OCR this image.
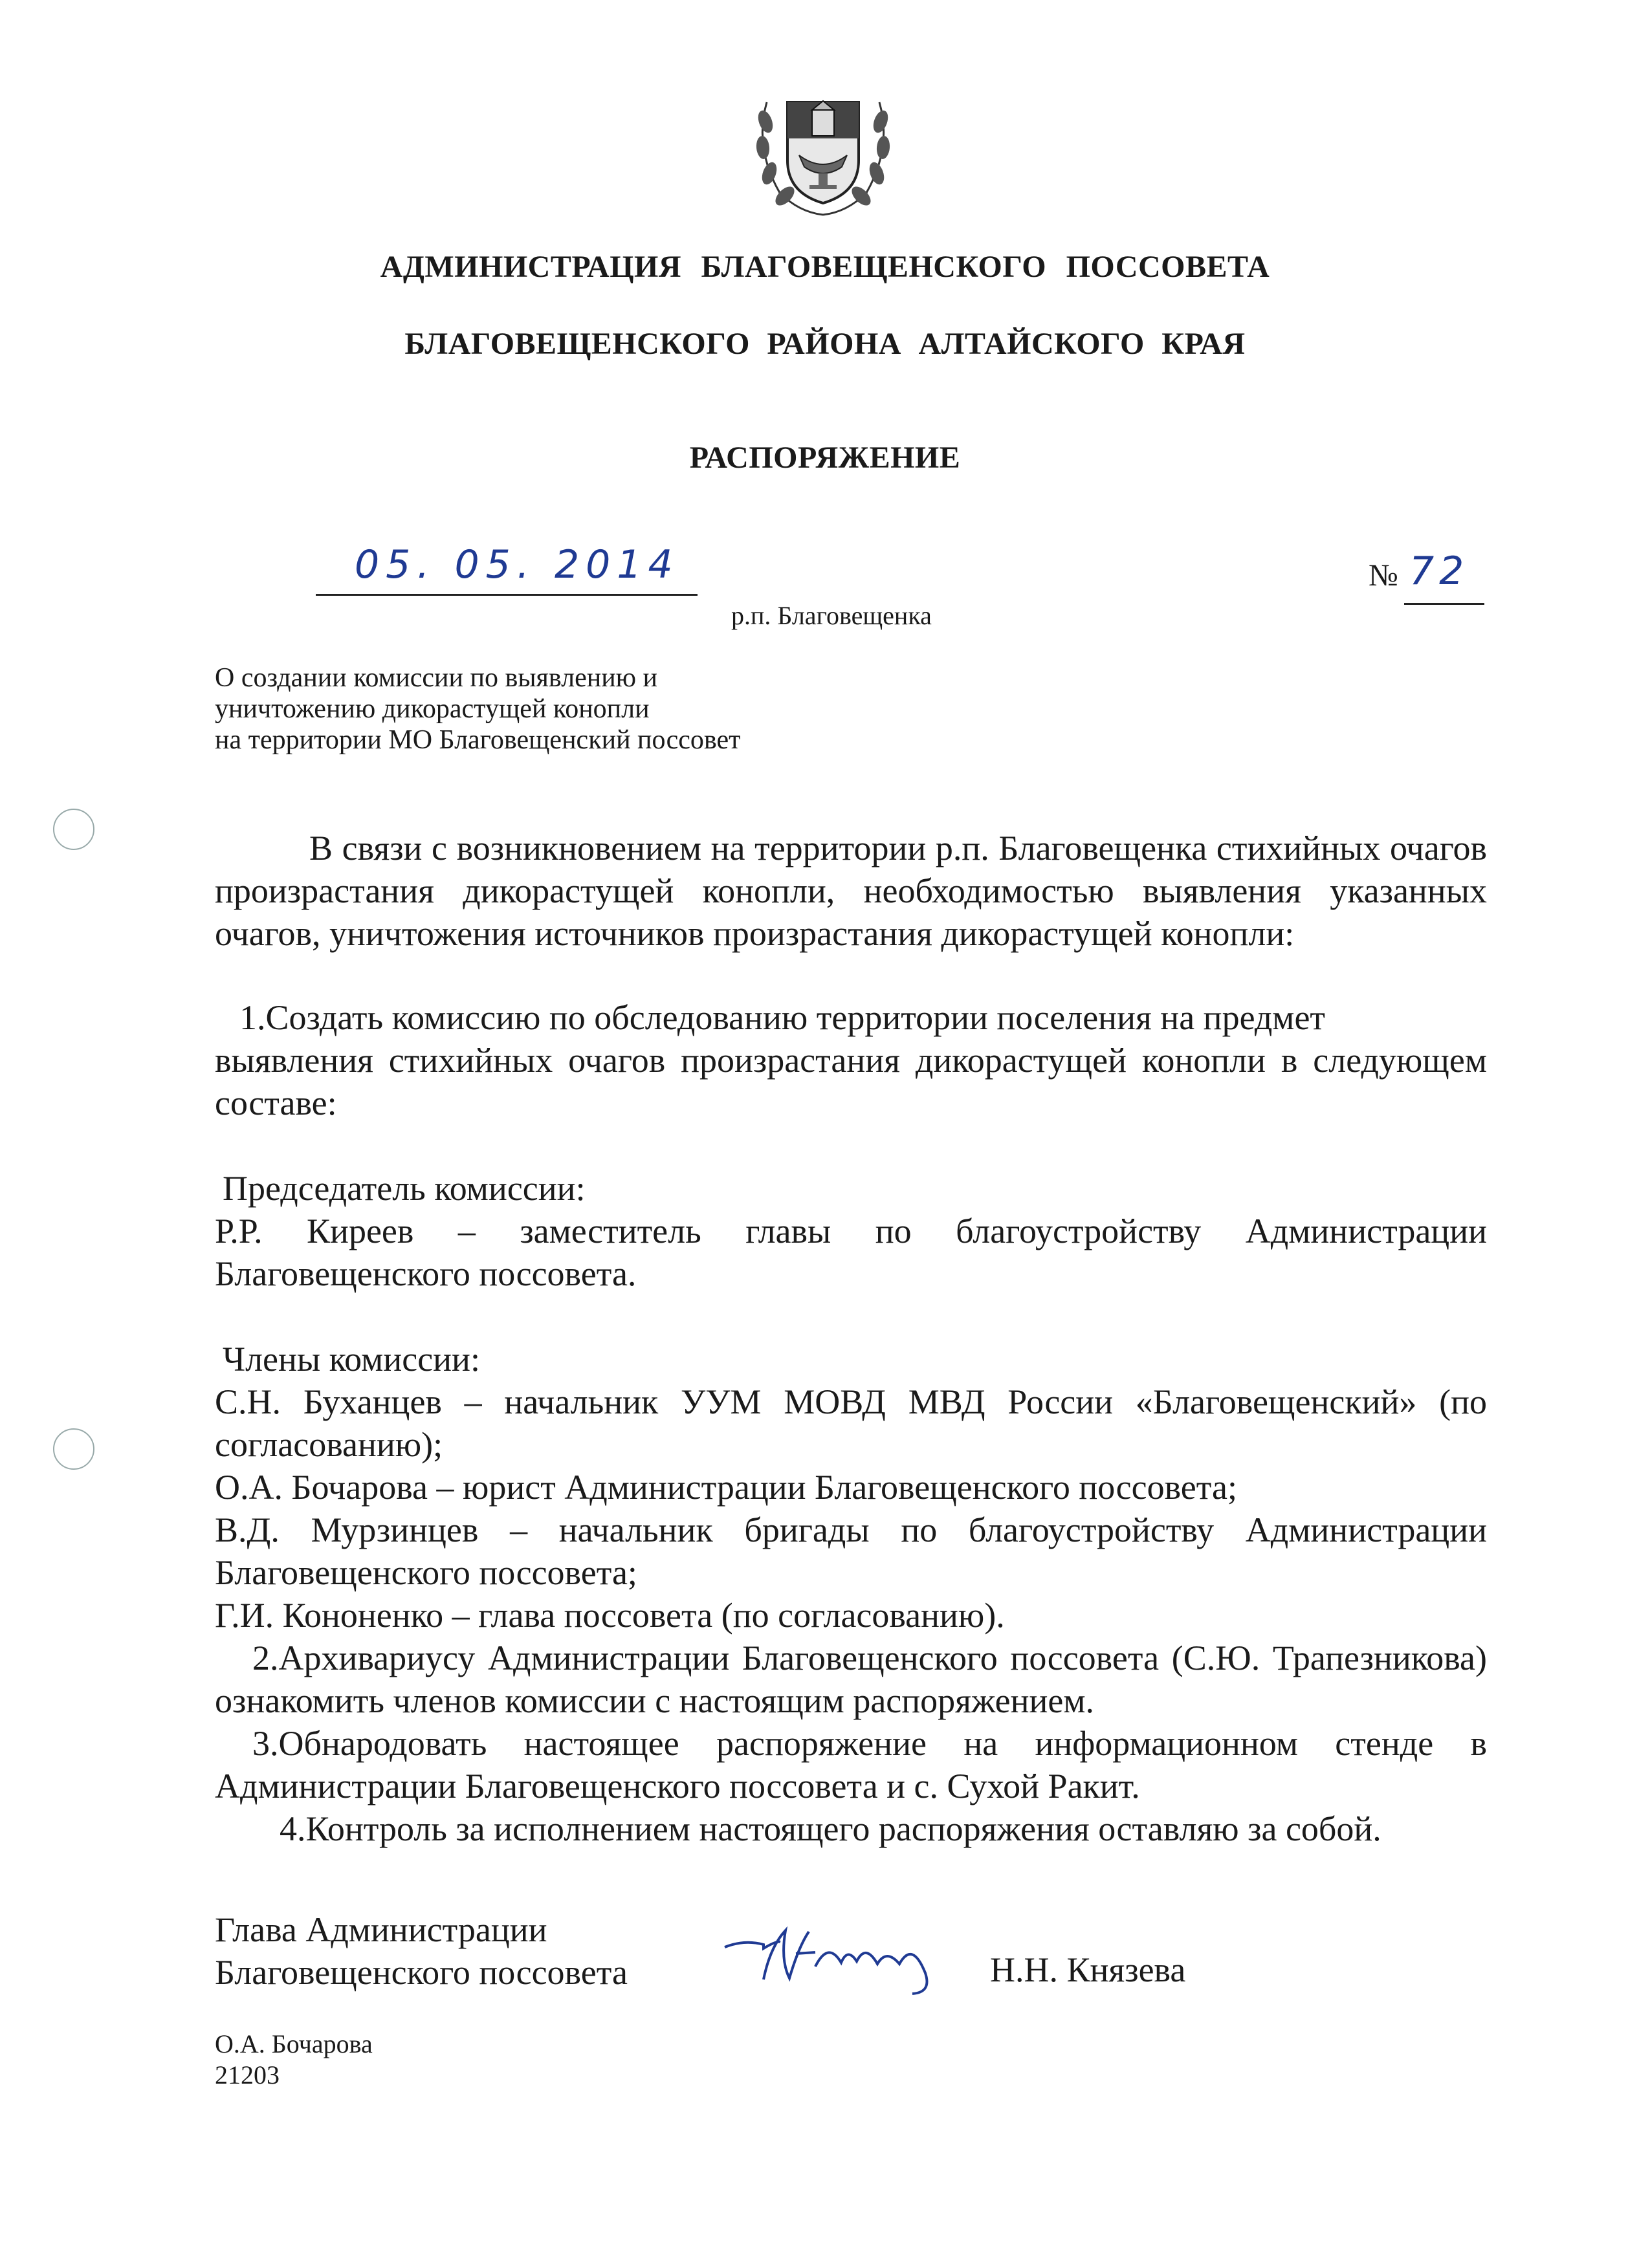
АДМИНИСТРАЦИЯ БЛАГОВЕЩЕНСКОГО ПОССОВЕТА
БЛАГОВЕЩЕНСКОГО РАЙОНА АЛТАЙСКОГО КРАЯ
РАСПОРЯЖЕНИЕ
05. 05. 2014	№ 72
р.п. Благовещенка
О создании комиссии по выявлению и
уничтожению дикорастущей конопли
на территории МО Благовещенский поссовет
В связи с возникновением на территории р.п. Благовещенка стихийных очагов произрастания дикорастущей конопли, необходимостью выявления указанных очагов, уничтожения источников произрастания дикорастущей конопли:
1.Создать комиссию по обследованию территории поселения на предмет
выявления стихийных очагов произрастания дикорастущей конопли в следующем составе:
Председатель комиссии:
Р.Р. Киреев – заместитель главы по благоустройству Администрации Благовещенского поссовета.
Члены комиссии:
С.Н. Буханцев – начальник УУМ МОВД МВД России «Благовещенский» (по согласованию);
О.А. Бочарова – юрист Администрации Благовещенского поссовета;
В.Д. Мурзинцев – начальник бригады по благоустройству Администрации Благовещенского поссовета;
Г.И. Кононенко – глава поссовета (по согласованию).
2.Архивариусу Администрации Благовещенского поссовета (С.Ю. Трапезникова) ознакомить членов комиссии с настоящим распоряжением.
3.Обнародовать настоящее распоряжение на информационном стенде в Администрации Благовещенского поссовета и с. Сухой Ракит.
4.Контроль за исполнением настоящего распоряжения оставляю за собой.
Глава Администрации
Благовещенского поссовета	Н.Н. Князева
О.А. Бочарова
21203
